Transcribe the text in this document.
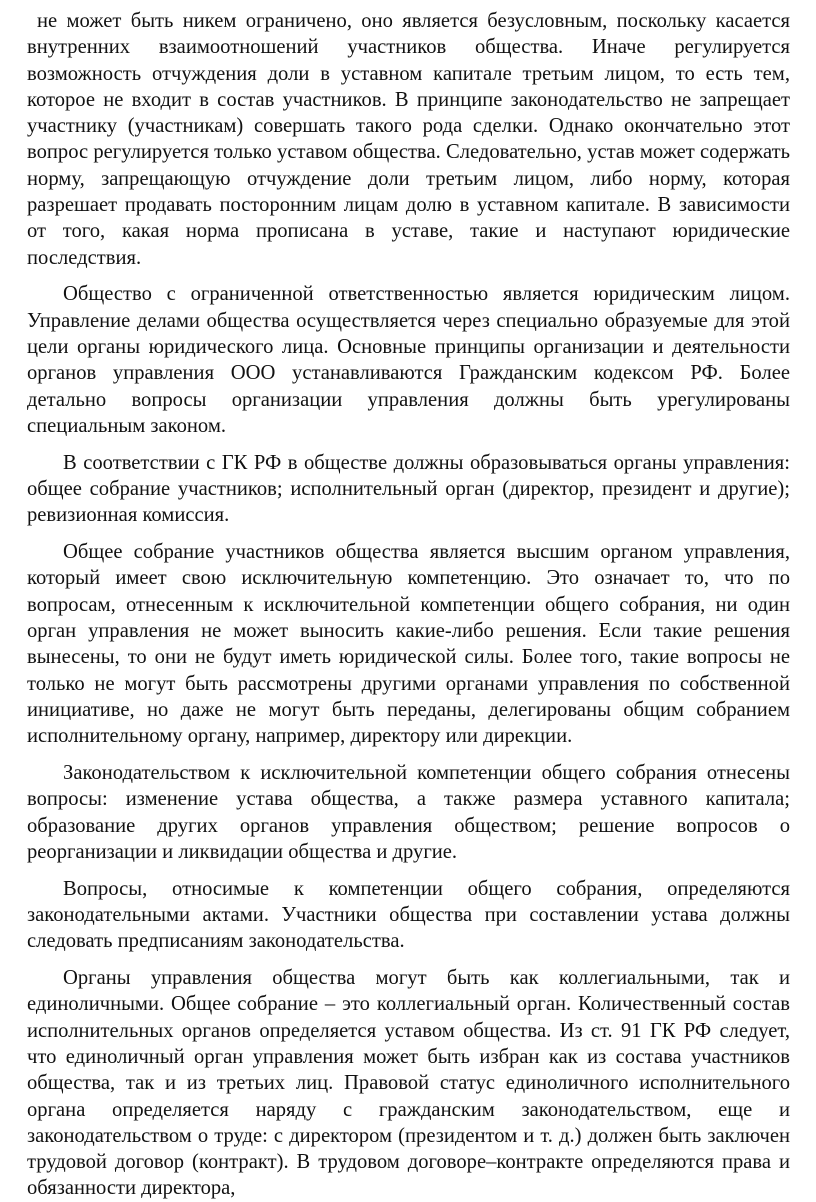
не может быть никем ограничено, оно является безусловным, поскольку касается внутренних взаимоотношений участников общества. Иначе регулируется возможность отчуждения доли в уставном капитале третьим лицом, то есть тем, которое не входит в состав участников. В принципе законодательство не запрещает участнику (участникам) совершать такого рода сделки. Однако окончательно этот вопрос регулируется только уставом общества. Следовательно, устав может содержать норму, запрещающую отчуждение доли третьим лицом, либо норму, которая разрешает продавать посторонним лицам долю в уставном капитале. В зависимости от того, какая норма прописана в уставе, такие и наступают юридические последствия.

Общество с ограниченной ответственностью является юридическим лицом. Управление делами общества осуществляется через специально образуемые для этой цели органы юридического лица. Основные принципы организации и деятельности органов управления ООО устанавливаются Гражданским кодексом РФ. Более детально вопросы организации управления должны быть урегулированы специальным законом.

В соответствии с ГК РФ в обществе должны образовываться органы управления: общее собрание участников; исполнительный орган (директор, президент и другие); ревизионная комиссия.

Общее собрание участников общества является высшим органом управления, который имеет свою исключительную компетенцию. Это означает то, что по вопросам, отнесенным к исключительной компетенции общего собрания, ни один орган управления не может выносить какие-либо решения. Если такие решения вынесены, то они не будут иметь юридической силы. Более того, такие вопросы не только не могут быть рассмотрены другими органами управления по собственной инициативе, но даже не могут быть переданы, делегированы общим собранием исполнительному органу, например, директору или дирекции.

Законодательством к исключительной компетенции общего собрания отнесены вопросы: изменение устава общества, а также размера уставного капитала; образование других органов управления обществом; решение вопросов о реорганизации и ликвидации общества и другие.

Вопросы, относимые к компетенции общего собрания, определяются законодательными актами. Участники общества при составлении устава должны следовать предписаниям законодательства.

Органы управления общества могут быть как коллегиальными, так и единоличными. Общее собрание – это коллегиальный орган. Количественный состав исполнительных органов определяется уставом общества. Из ст. 91 ГК РФ следует, что единоличный орган управления может быть избран как из состава участников общества, так и из третьих лиц. Правовой статус единоличного исполнительного органа определяется наряду с гражданским законодательством, еще и законодательством о труде: с директором (президентом и т. д.) должен быть заключен трудовой договор (контракт). В трудовом договоре–контракте определяются права и обязанности директора,
